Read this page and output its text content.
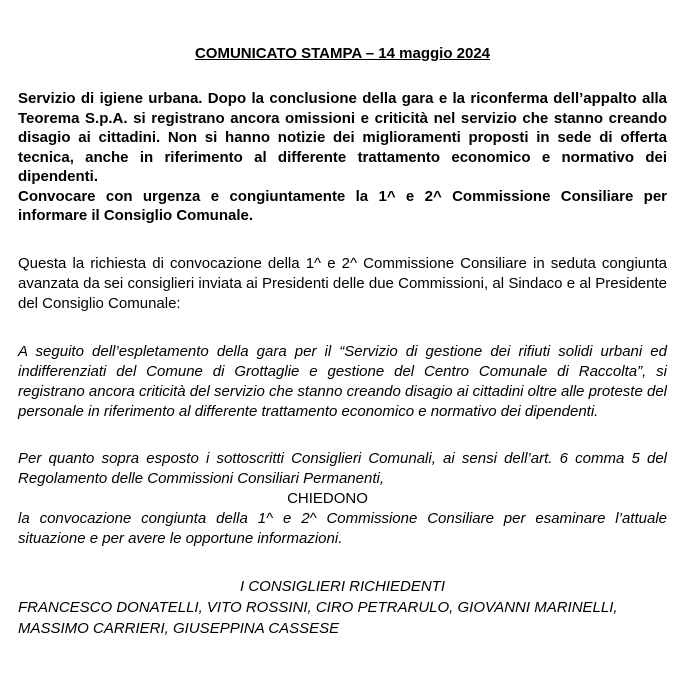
COMUNICATO STAMPA – 14 maggio 2024

Servizio di igiene urbana. Dopo la conclusione della gara e la riconferma dell’appalto alla Teorema S.p.A. si registrano ancora omissioni e criticità nel servizio che stanno creando disagio ai cittadini. Non si hanno notizie dei miglioramenti proposti in sede di offerta tecnica, anche in riferimento al differente trattamento economico e normativo dei dipendenti.

Convocare con urgenza e congiuntamente la 1^ e 2^ Commissione Consiliare per informare il Consiglio Comunale.

Questa la richiesta di convocazione della 1^ e 2^ Commissione Consiliare in seduta congiunta avanzata da sei consiglieri inviata ai Presidenti delle due Commissioni, al Sindaco e al Presidente del Consiglio Comunale:

A seguito dell’espletamento della gara per il “Servizio di gestione dei rifiuti solidi urbani ed indifferenziati del Comune di Grottaglie e gestione del Centro Comunale di Raccolta”, si registrano ancora criticità del servizio che stanno creando disagio ai cittadini oltre alle proteste del personale in riferimento al differente trattamento economico e normativo dei dipendenti.

Per quanto sopra esposto i sottoscritti Consiglieri Comunali, ai sensi dell’art. 6 comma 5 del Regolamento delle Commissioni Consiliari Permanenti,

CHIEDONO

la convocazione congiunta della 1^ e 2^ Commissione Consiliare per esaminare l’attuale situazione e per avere le opportune informazioni.

I CONSIGLIERI RICHIEDENTI

FRANCESCO DONATELLI, VITO ROSSINI, CIRO PETRARULO, GIOVANNI MARINELLI, MASSIMO CARRIERI, GIUSEPPINA CASSESE
